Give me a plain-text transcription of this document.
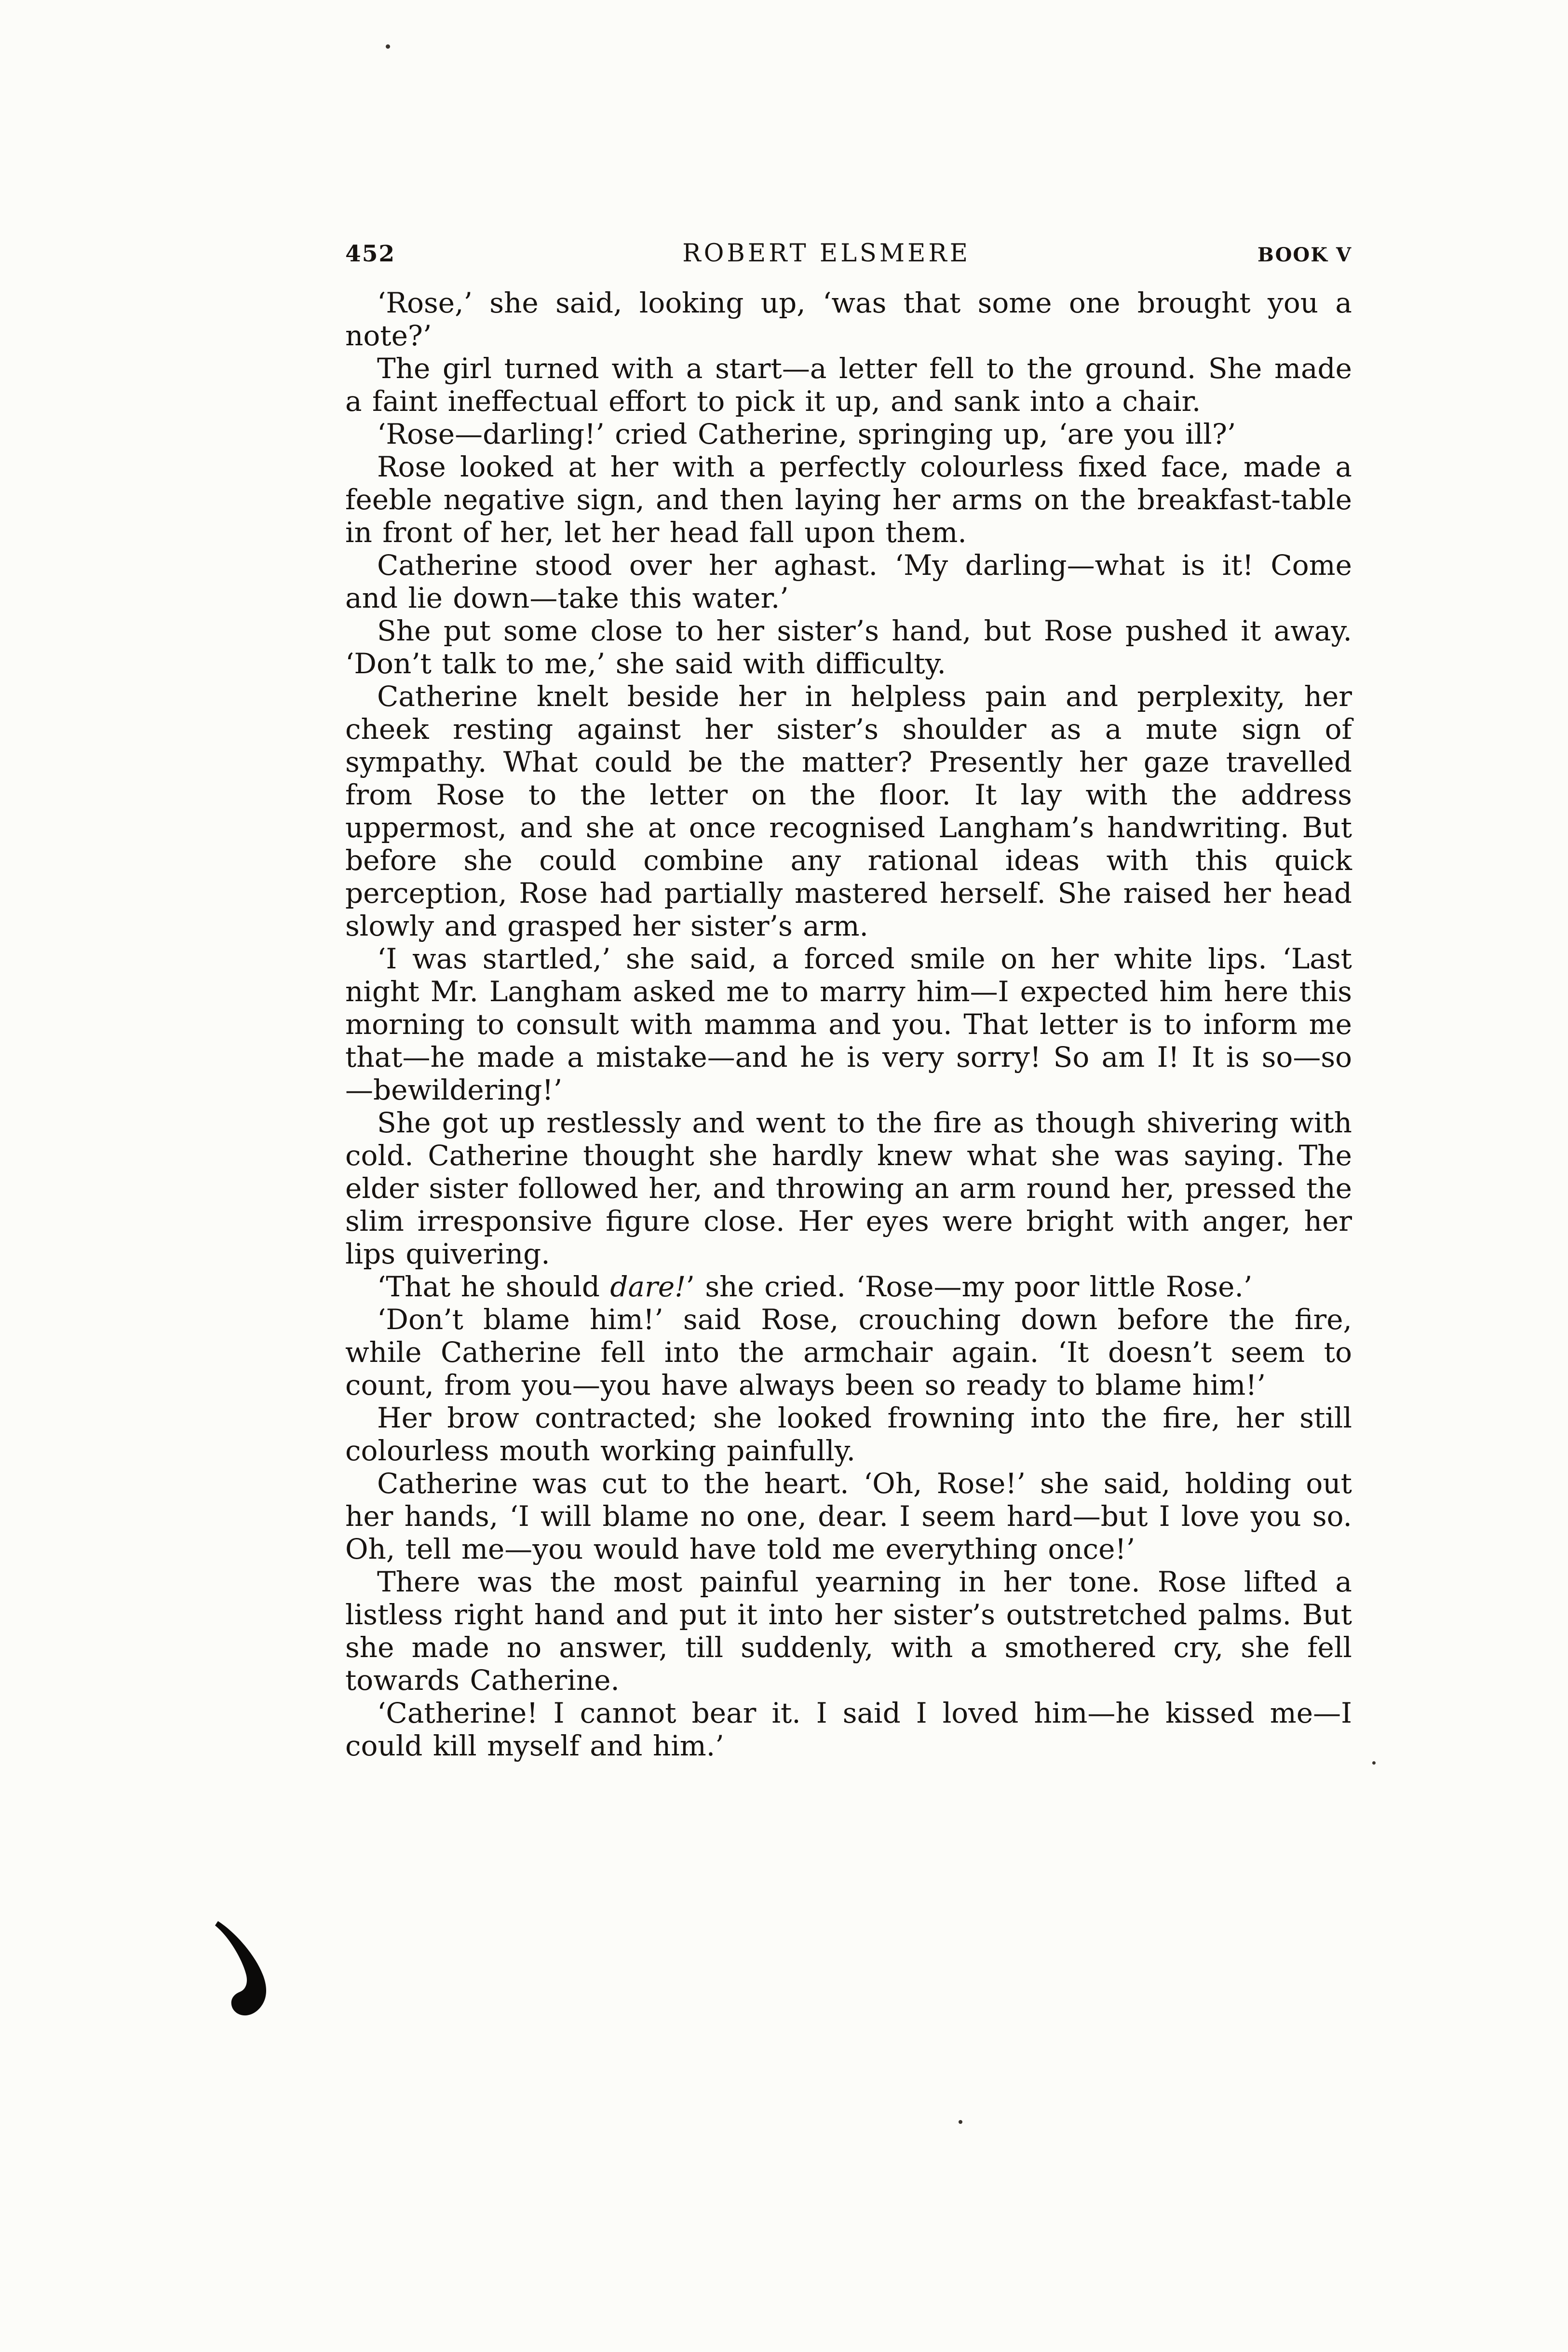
452	ROBERT ELSMERE	BOOK V

‘Rose,’ she said, looking up, ‘was that some one brought you a note?’

The girl turned with a start—a letter fell to the ground. She made a faint ineffectual effort to pick it up, and sank into a chair.

‘Rose—darling!’ cried Catherine, springing up, ‘are you ill?’

Rose looked at her with a perfectly colourless fixed face, made a feeble negative sign, and then laying her arms on the breakfast-table in front of her, let her head fall upon them.

Catherine stood over her aghast. ‘My darling—what is it! Come and lie down—take this water.’

She put some close to her sister’s hand, but Rose pushed it away. ‘Don’t talk to me,’ she said with difficulty.

Catherine knelt beside her in helpless pain and perplexity, her cheek resting against her sister’s shoulder as a mute sign of sympathy. What could be the matter? Presently her gaze travelled from Rose to the letter on the floor. It lay with the address uppermost, and she at once recognised Langham’s handwriting. But before she could combine any rational ideas with this quick perception, Rose had partially mastered herself. She raised her head slowly and grasped her sister’s arm.

‘I was startled,’ she said, a forced smile on her white lips. ‘Last night Mr. Langham asked me to marry him—I expected him here this morning to consult with mamma and you. That letter is to inform me that—he made a mistake—and he is very sorry! So am I! It is so—so—bewildering!’

She got up restlessly and went to the fire as though shivering with cold. Catherine thought she hardly knew what she was saying. The elder sister followed her, and throwing an arm round her, pressed the slim irresponsive figure close. Her eyes were bright with anger, her lips quivering.

‘That he should dare!’ she cried. ‘Rose—my poor little Rose.’

‘Don’t blame him!’ said Rose, crouching down before the fire, while Catherine fell into the armchair again. ‘It doesn’t seem to count, from you—you have always been so ready to blame him!’

Her brow contracted; she looked frowning into the fire, her still colourless mouth working painfully.

Catherine was cut to the heart. ‘Oh, Rose!’ she said, holding out her hands, ‘I will blame no one, dear. I seem hard—but I love you so. Oh, tell me—you would have told me everything once!’

There was the most painful yearning in her tone. Rose lifted a listless right hand and put it into her sister’s outstretched palms. But she made no answer, till suddenly, with a smothered cry, she fell towards Catherine.

‘Catherine! I cannot bear it. I said I loved him—he kissed me—I could kill myself and him.’
